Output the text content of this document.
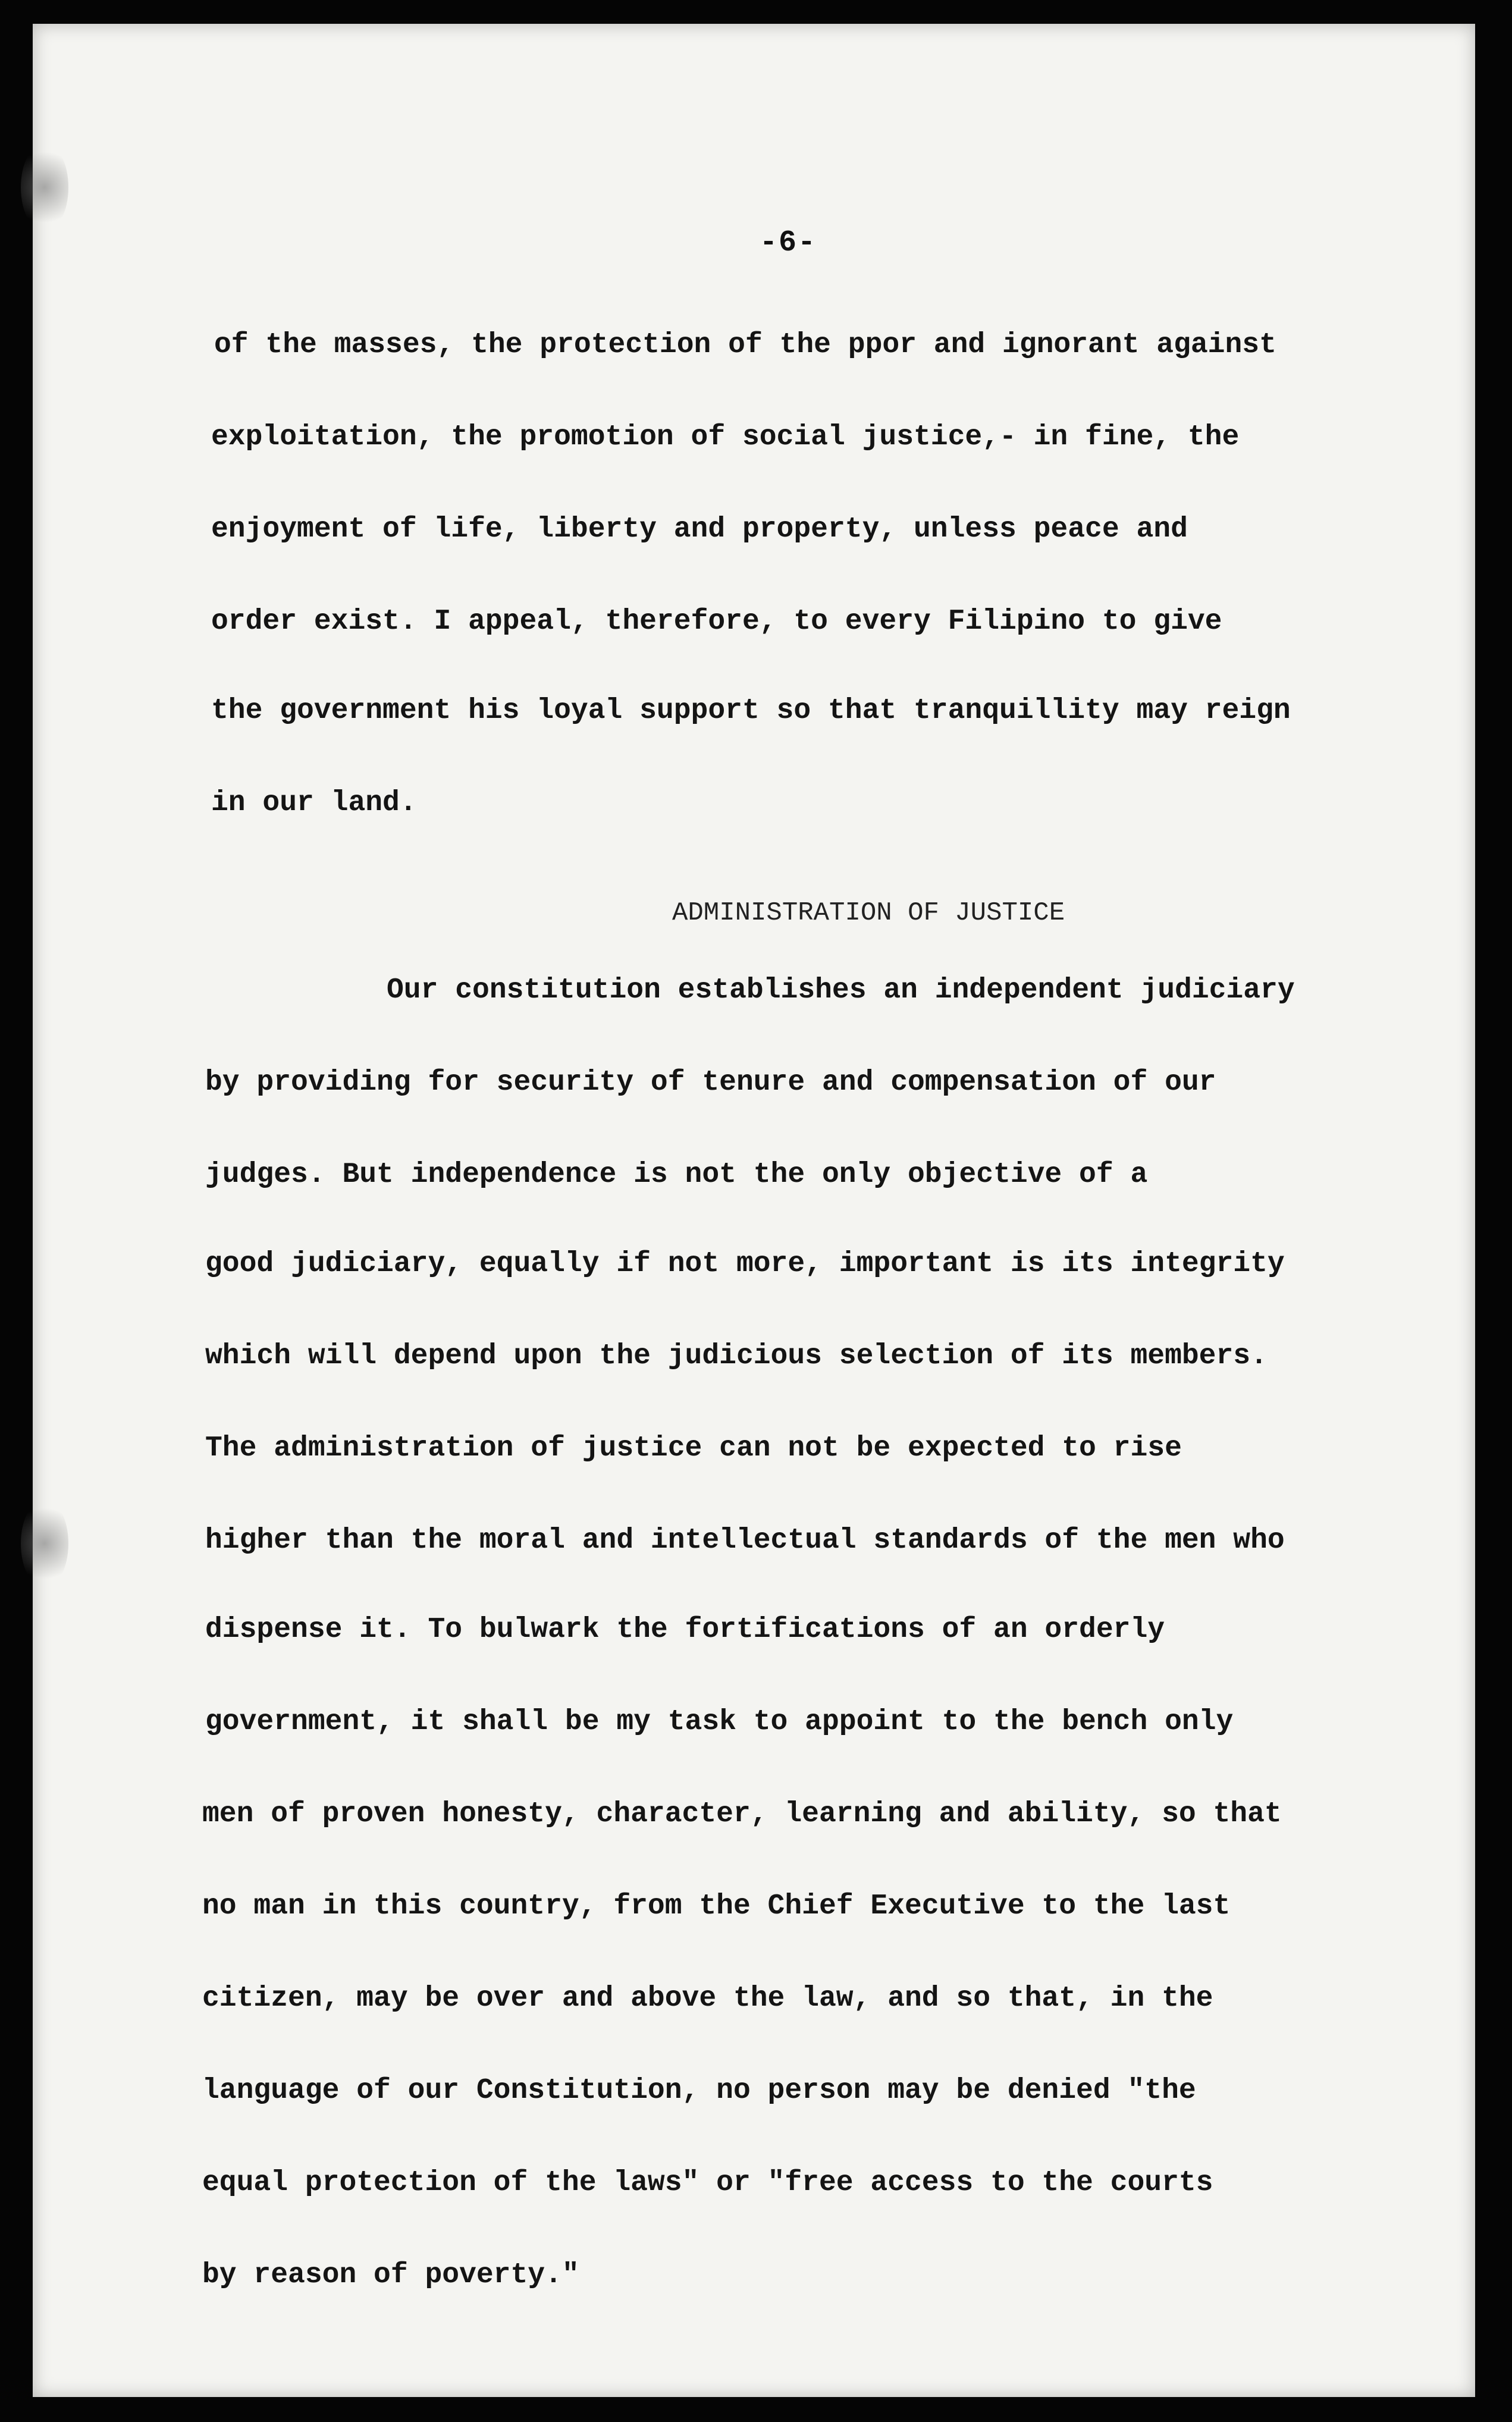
-6-
of the masses, the protection of the ppor and ignorant against
exploitation, the promotion of social justice,- in fine, the
enjoyment of life, liberty and property, unless peace and
order exist. I appeal, therefore, to every Filipino to give
the government his loyal support so that tranquillity may reign
in our land.
ADMINISTRATION OF JUSTICE
Our constitution establishes an independent judiciary
by providing for security of tenure and compensation of our
judges. But independence is not the only objective of a
good judiciary, equally if not more, important is its integrity
which will depend upon the judicious selection of its members.
The administration of justice can not be expected to rise
higher than the moral and intellectual standards of the men who
dispense it. To bulwark the fortifications of an orderly
government, it shall be my task to appoint to the bench only
men of proven honesty, character, learning and ability, so that
no man in this country, from the Chief Executive to the last
citizen, may be over and above the law, and so that, in the
language of our Constitution, no person may be denied "the
equal protection of the laws" or "free access to the courts
by reason of poverty."
